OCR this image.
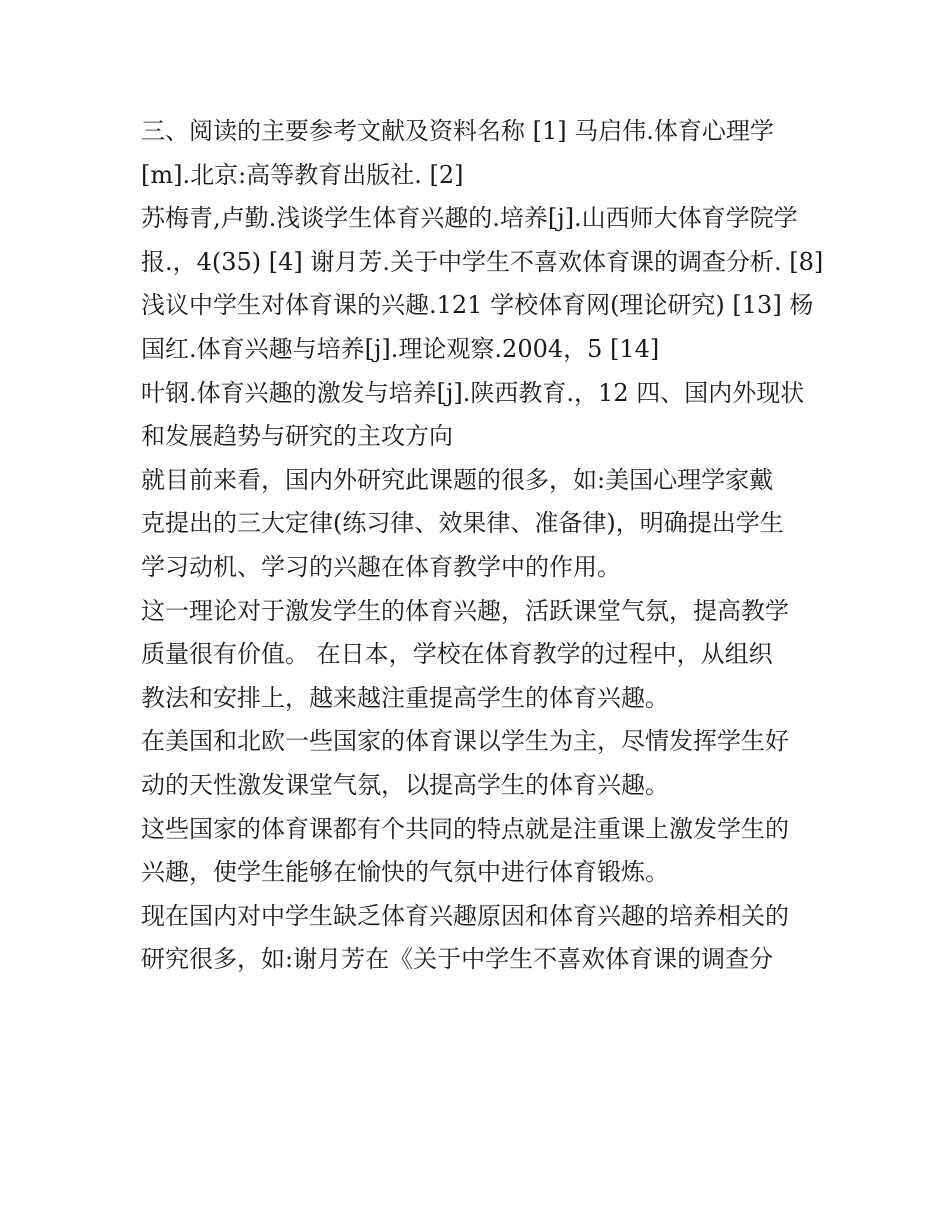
三、阅读的主要参考文献及资料名称 [1] 马启伟.体育心理学
[m].北京:高等教育出版社. [2]
苏梅青,卢勤.浅谈学生体育兴趣的.培养[j].山西师大体育学院学
报.，4(35) [4] 谢月芳.关于中学生不喜欢体育课的调查分析. [8]
浅议中学生对体育课的兴趣.121 学校体育网(理论研究) [13] 杨
国红.体育兴趣与培养[j].理论观察.2004，5 [14]
叶钢.体育兴趣的激发与培养[j].陕西教育.，12 四、国内外现状
和发展趋势与研究的主攻方向
就目前来看，国内外研究此课题的很多，如:美国心理学家戴
克提出的三大定律(练习律、效果律、准备律)，明确提出学生
学习动机、学习的兴趣在体育教学中的作用。
这一理论对于激发学生的体育兴趣，活跃课堂气氛，提高教学
质量很有价值。 在日本，学校在体育教学的过程中，从组织
教法和安排上，越来越注重提高学生的体育兴趣。
在美国和北欧一些国家的体育课以学生为主，尽情发挥学生好
动的天性激发课堂气氛，以提高学生的体育兴趣。
这些国家的体育课都有个共同的特点就是注重课上激发学生的
兴趣，使学生能够在愉快的气氛中进行体育锻炼。
现在国内对中学生缺乏体育兴趣原因和体育兴趣的培养相关的
研究很多，如:谢月芳在《关于中学生不喜欢体育课的调查分
